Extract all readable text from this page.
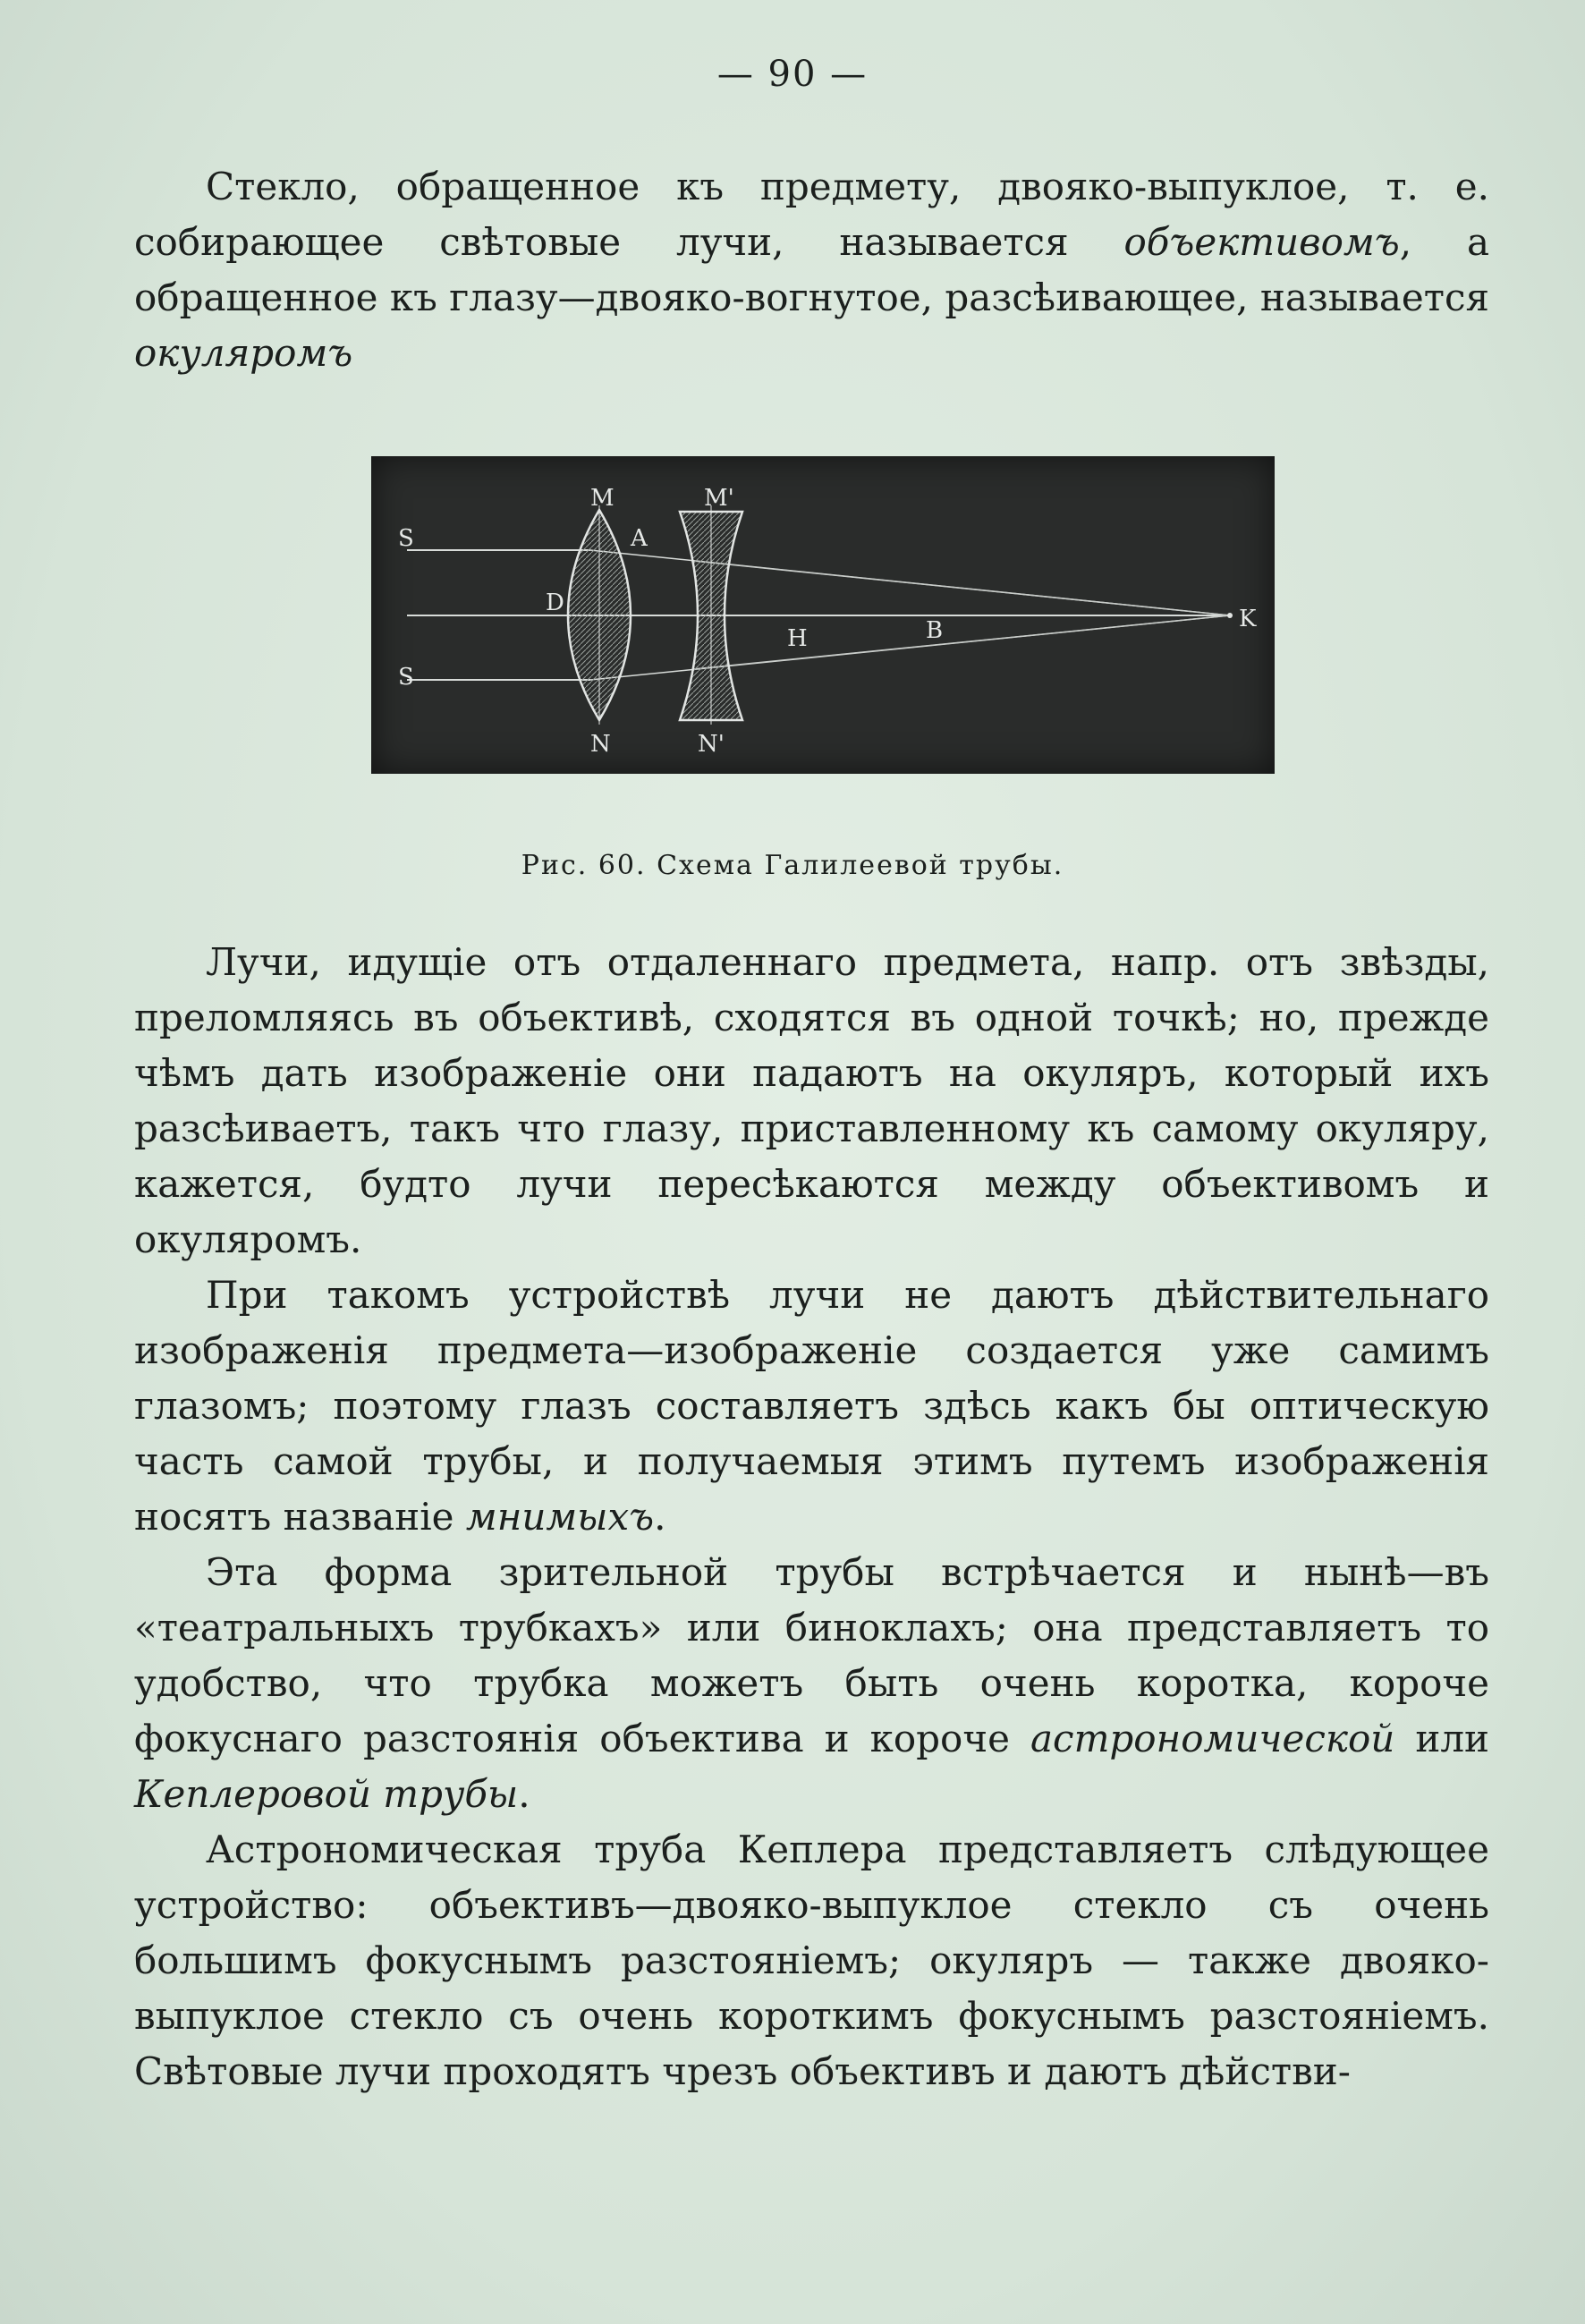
— 90 —

Стекло, обращенное къ предмету, двояко-выпуклое, т. е. собирающее свѣтовые лучи, называется объективомъ, а обращенное къ глазу—двояко-вогнутое, разсѣивающее, называется окуляромъ

M	M'
A
S
S
D
H	B	K
N	N'
Рис. 60. Схема Галилеевой трубы.

Лучи, идущіе отъ отдаленнаго предмета, напр. отъ звѣзды, преломляясь въ объективѣ, сходятся въ одной точкѣ; но, прежде чѣмъ дать изображеніе они падаютъ на окуляръ, который ихъ разсѣиваетъ, такъ что глазу, приставленному къ самому окуляру, кажется, будто лучи пересѣкаются между объективомъ и окуляромъ.

При такомъ устройствѣ лучи не даютъ дѣйствительнаго изображенія предмета—изображеніе создается уже самимъ глазомъ; поэтому глазъ составляетъ здѣсь какъ бы оптическую часть самой трубы, и получаемыя этимъ путемъ изображенія носятъ названіе мнимыхъ.

Эта форма зрительной трубы встрѣчается и нынѣ—въ «театральныхъ трубкахъ» или биноклахъ; она представляетъ то удобство, что трубка можетъ быть очень коротка, короче фокуснаго разстоянія объектива и короче астрономической или Кеплеровой трубы.

Астрономическая труба Кеплера представляетъ слѣдующее устройство: объективъ—двояко-выпуклое стекло съ очень большимъ фокуснымъ разстояніемъ; окуляръ — также двояко-выпуклое стекло съ очень короткимъ фокуснымъ разстояніемъ. Свѣтовые лучи проходятъ чрезъ объективъ и даютъ дѣйстви-
